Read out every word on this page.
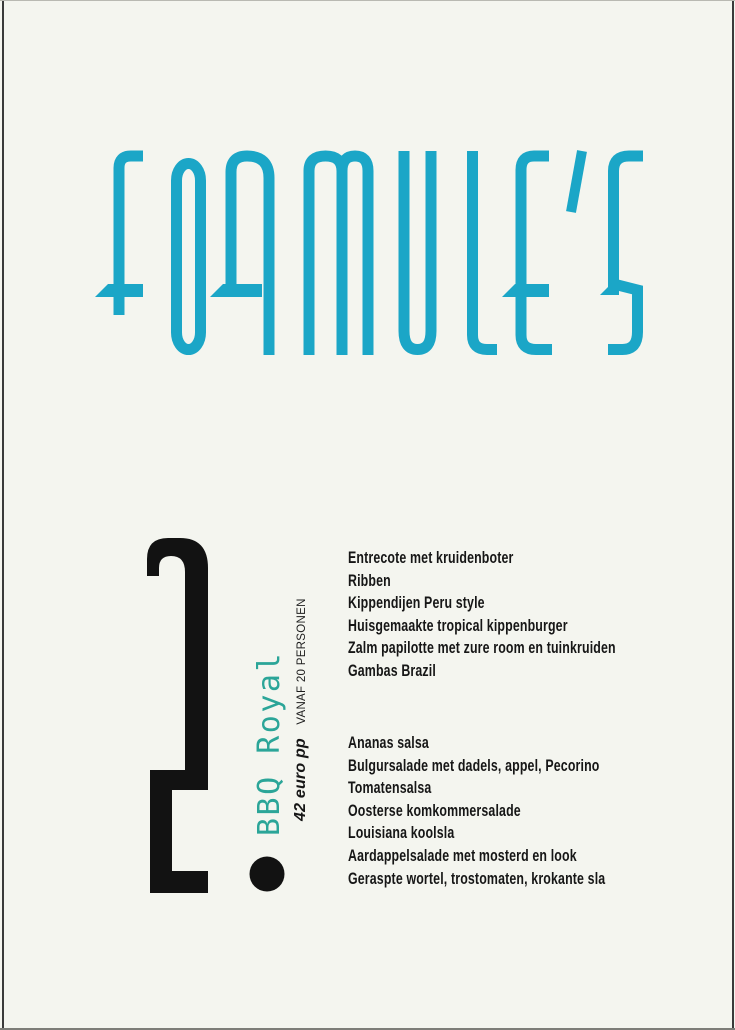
BBQ Royal 42 euro pp VANAF 20 PERSONEN
Entrecote met kruidenboter
Ribben
Kippendijen Peru style
Huisgemaakte tropical kippenburger
Zalm papilotte met zure room en tuinkruiden
Gambas Brazil
Ananas salsa
Bulgursalade met dadels, appel, Pecorino
Tomatensalsa
Oosterse komkommersalade
Louisiana koolsla
Aardappelsalade met mosterd en look
Geraspte wortel, trostomaten, krokante sla
